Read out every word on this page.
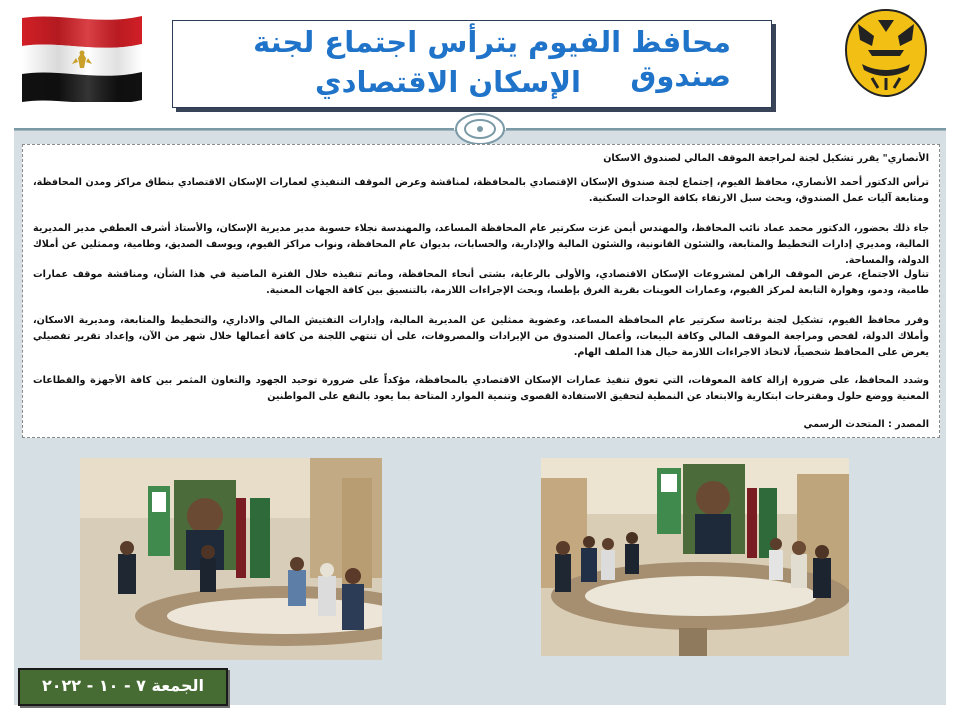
محافظ الفيوم يترأس اجتماع لجنة صندوق
الإسكان الاقتصادي
الأنصاري" يقرر تشكيل لجنة لمراجعة الموقف المالي لصندوق الاسكان
ترأس الدكتور أحمد الأنصاري، محافظ الفيوم، إجتماع لجنة صندوق الإسكان الإقتصادي بالمحافظة، لمناقشة وعرض الموقف التنفيذي لعمارات الإسكان الاقتصادي بنطاق مراكز ومدن المحافظة، ومتابعة آليات عمل الصندوق، وبحث سبل الارتقاء بكافة الوحدات السكنية.
جاء ذلك بحضور، الدكتور محمد عماد نائب المحافظ، والمهندس أيمن عزت سكرتير عام المحافظة المساعد، والمهندسة نجلاء حسوبة مدير مديرية الإسكان، والأستاذ أشرف العطفي مدير المديرية المالية، ومديري إدارات التخطيط والمتابعة، والشئون القانونية، والشئون المالية والإدارية، والحسابات، بديوان عام المحافظة، ونواب مراكز الفيوم، ويوسف الصديق، وطامية، وممثلين عن أملاك الدولة، والمساحة.
تناول الاجتماع، عرض الموقف الراهن لمشروعات الإسكان الاقتصادي، والأولى بالرعاية، بشتى أنحاء المحافظة، وماتم تنفيذه خلال الفترة الماضية في هذا الشأن، ومناقشة موقف عمارات طامية، ودمو، وهوارة التابعة لمركز الفيوم، وعمارات العوينات بقرية الغرق بإطسا، وبحث الإجراءات اللازمة، بالتنسيق بين كافة الجهات المعنية.
وقرر محافظ الفيوم، تشكيل لجنة برئاسة سكرتير عام المحافظة المساعد، وعضوية ممثلين عن المديرية المالية، وإدارات التفتيش المالي والاداري، والتخطيط والمتابعة، ومديرية الاسكان، وأملاك الدولة، لفحص ومراجعة الموقف المالي وكافة البيعات، وأعمال الصندوق من الإيرادات والمصروفات، على أن تنتهي اللجنة من كافة أعمالها خلال شهر من الآن، وإعداد تقرير تفصيلي يعرض على المحافظ شخصياً، لاتخاذ الاجراءات اللازمة حيال هذا الملف الهام.
وشدد المحافظ، على ضرورة إزالة كافة المعوقات، التي تعوق تنفيذ عمارات الإسكان الاقتصادي بالمحافظة، مؤكداً على ضرورة توحيد الجهود والتعاون المثمر بين كافة الأجهزة والقطاعات المعنية ووضع حلول ومقترحات ابتكارية والابتعاد عن النمطية لتحقيق الاستفادة القصوى وتنمية الموارد المتاحة بما يعود بالنفع على المواطنين
المصدر : المتحدث الرسمي
الجمعة ٧ - ١٠ - ٢٠٢٢
